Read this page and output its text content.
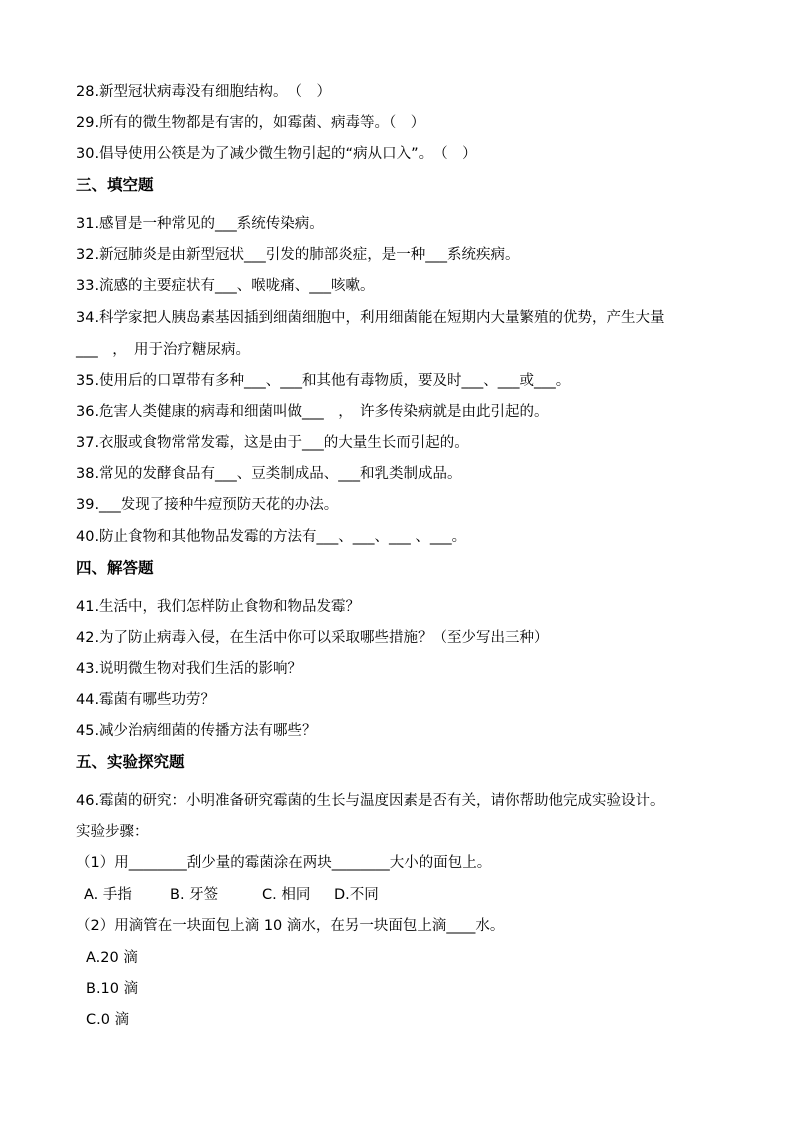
28.新型冠状病毒没有细胞结构。　（　）
29.所有的微生物都是有害的，如霉菌、病毒等。（　）
30.倡导使用公筷是为了减少微生物引起的“病从口入”。　（　）
三、填空题
31.感冒是一种常见的___系统传染病。
32.新冠肺炎是由新型冠状___引发的肺部炎症，是一种___系统疾病。
33.流感的主要症状有___、喉咙痛、___咳嗽。
34.科学家把人胰岛素基因插到细菌细胞中，利用细菌能在短期内大量繁殖的优势，产生大量
___　，　用于治疗糖尿病。
35.使用后的口罩带有多种___、___和其他有毒物质，要及时___、___或___。
36.危害人类健康的病毒和细菌叫做___　，　许多传染病就是由此引起的。
37.衣服或食物常常发霉，这是由于___的大量生长而引起的。
38.常见的发酵食品有___、豆类制成品、___和乳类制成品。
39.___发现了接种牛痘预防天花的办法。
40.防止食物和其他物品发霉的方法有___、___、___ 、___。
四、解答题
41.生活中，我们怎样防止食物和物品发霉？
42.为了防止病毒入侵，在生活中你可以采取哪些措施？（至少写出三种）
43.说明微生物对我们生活的影响？
44.霉菌有哪些功劳？
45.减少治病细菌的传播方法有哪些？
五、实验探究题
46.霉菌的研究：小明准备研究霉菌的生长与温度因素是否有关，请你帮助他完成实验设计。
实验步骤：
（1）用________刮少量的霉菌涂在两块________大小的面包上。
A. 手指	B. 牙签	C. 相同 D.不同
（2）用滴管在一块面包上滴 10 滴水，在另一块面包上滴____水。
A.20 滴
B.10 滴
C.0 滴
